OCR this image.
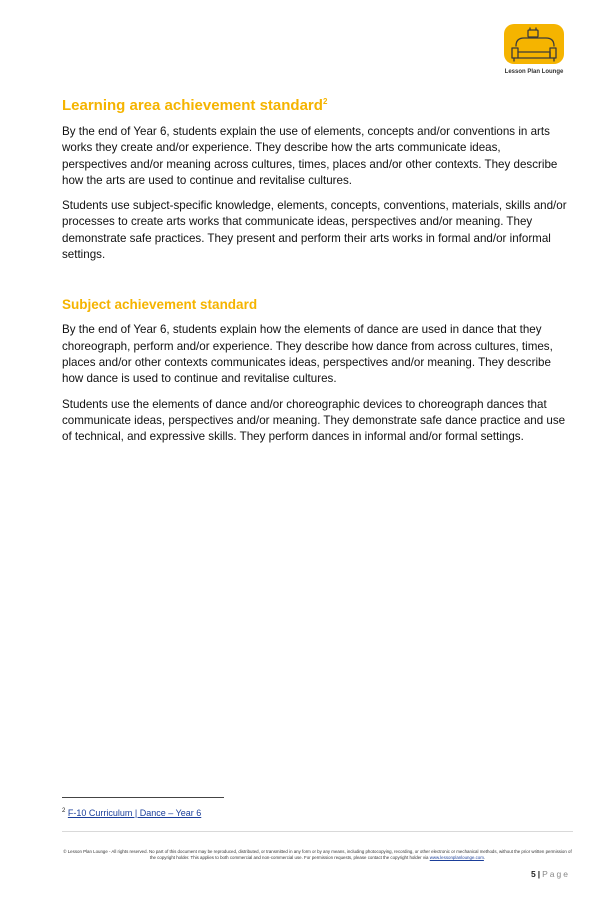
Lesson Plan Lounge
Learning area achievement standard$^2$

By the end of Year 6, students explain the use of elements, concepts and/or conventions in arts works they create and/or experience. They describe how the arts communicate ideas, perspectives and/or meaning across cultures, times, places and/or other contexts. They describe how the arts are used to continue and revitalise cultures.

Students use subject-specific knowledge, elements, concepts, conventions, materials, skills and/or processes to create arts works that communicate ideas, perspectives and/or meaning. They demonstrate safe practices. They present and perform their arts works in formal and/or informal settings.

Subject achievement standard

By the end of Year 6, students explain how the elements of dance are used in dance that they choreograph, perform and/or experience. They describe how dance from across cultures, times, places and/or other contexts communicates ideas, perspectives and/or meaning. They describe how dance is used to continue and revitalise cultures.

Students use the elements of dance and/or choreographic devices to choreograph dances that communicate ideas, perspectives and/or meaning. They demonstrate safe dance practice and use of technical, and expressive skills. They perform dances in informal and/or formal settings.

$^2$ F-10 Curriculum | Dance – Year 6
© Lesson Plan Lounge - All rights reserved. No part of this document may be reproduced, distributed, or transmitted in any form or by any means, including photocopying, recording, or other electronic or mechanical methods, without the prior written permission of the copyright holder. This applies to both commercial and non-commercial use. For permission requests, please contact the copyright holder via www.lessonplanlounge.com.
5 | Page
